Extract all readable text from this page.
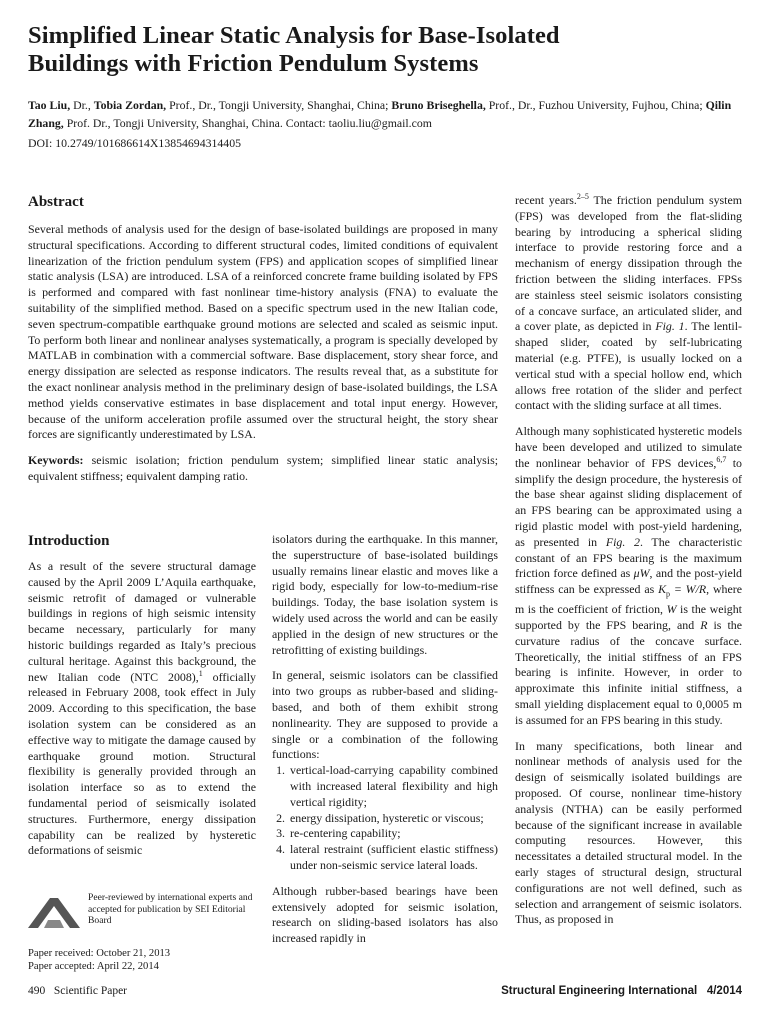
Simplified Linear Static Analysis for Base-Isolated
Buildings with Friction Pendulum Systems
Tao Liu, Dr., Tobia Zordan, Prof., Dr., Tongji University, Shanghai, China; Bruno Briseghella, Prof., Dr., Fuzhou University, Fujhou, China; Qilin Zhang, Prof. Dr., Tongji University, Shanghai, China. Contact: taoliu.liu@gmail.com
DOI: 10.2749/101686614X13854694314405
Abstract

Several methods of analysis used for the design of base-isolated buildings are proposed in many structural specifications. According to different structural codes, limited conditions of equivalent linearization of the friction pendulum system (FPS) and application scopes of simplified linear static analysis (LSA) are introduced. LSA of a reinforced concrete frame building isolated by FPS is performed and compared with fast nonlinear time-history analysis (FNA) to evaluate the suitability of the simplified method. Based on a specific spectrum used in the new Italian code, seven spectrum-compatible earthquake ground motions are selected and scaled as seismic input. To perform both linear and nonlinear analyses systematically, a program is specially developed by MATLAB in combination with a commercial software. Base displacement, story shear force, and energy dissipation are selected as response indicators. The results reveal that, as a substitute for the exact nonlinear analysis method in the preliminary design of base-isolated buildings, the LSA method yields conservative estimates in base displacement and total input energy. However, because of the uniform acceleration profile assumed over the structural height, the story shear forces are significantly underestimated by LSA.

Keywords: seismic isolation; friction pendulum system; simplified linear static analysis; equivalent stiffness; equivalent damping ratio.

Introduction

As a result of the severe structural damage caused by the April 2009 L’Aquila earthquake, seismic retrofit of damaged or vulnerable buildings in regions of high seismic intensity became necessary, particularly for many historic buildings regarded as Italy’s precious cultural heritage. Against this background, the new Italian code (NTC 2008),$^1$ officially released in February 2008, took effect in July 2009. According to this specification, the base isolation system can be considered as an effective way to mitigate the damage caused by earthquake ground motion. Structural flexibility is generally provided through an isolation interface so as to extend the fundamental period of seismically isolated structures. Furthermore, energy dissipation capability can be realized by hysteretic deformations of seismic

Peer-reviewed by international experts and accepted for publication by SEI Editorial Board
Paper received: October 21, 2013
Paper accepted: April 22, 2014

isolators during the earthquake. In this manner, the superstructure of base-isolated buildings usually remains linear elastic and moves like a rigid body, especially for low-to-medium-rise buildings. Today, the base isolation system is widely used across the world and can be easily applied in the design of new structures or the retrofitting of existing buildings.

In general, seismic isolators can be classified into two groups as rubber-based and sliding-based, and both of them exhibit strong nonlinearity. They are supposed to provide a single or a combination of the following functions:

1. vertical-load-carrying capability combined with increased lateral flexibility and high vertical rigidity;
2. energy dissipation, hysteretic or viscous;
3. re-centering capability;
4. lateral restraint (sufficient elastic stiffness) under non-seismic service lateral loads.

Although rubber-based bearings have been extensively adopted for seismic isolation, research on sliding-based isolators has also increased rapidly in

recent years.$^{2-5}$ The friction pendulum system (FPS) was developed from the flat-sliding bearing by introducing a spherical sliding interface to provide restoring force and a mechanism of energy dissipation through the friction between the sliding interfaces. FPSs are stainless steel seismic isolators consisting of a concave surface, an articulated slider, and a cover plate, as depicted in Fig. 1. The lentil-shaped slider, coated by self-lubricating material (e.g. PTFE), is usually locked on a vertical stud with a special hollow end, which allows free rotation of the slider and perfect contact with the sliding surface at all times.

Although many sophisticated hysteretic models have been developed and utilized to simulate the nonlinear behavior of FPS devices,$^{6,7}$ to simplify the design procedure, the hysteresis of the base shear against sliding displacement of an FPS bearing can be approximated using a rigid plastic model with post-yield hardening, as presented in Fig. 2. The characteristic constant of an FPS bearing is the maximum friction force defined as μW, and the post-yield stiffness can be expressed as $K_p = W/R$, where m is the coefficient of friction, W is the weight supported by the FPS bearing, and R is the curvature radius of the concave surface. Theoretically, the initial stiffness of an FPS bearing is infinite. However, in order to approximate this infinite initial stiffness, a small yielding displacement equal to 0,0005 m is assumed for an FPS bearing in this study.

In many specifications, both linear and nonlinear methods of analysis used for the design of seismically isolated buildings are proposed. Of course, nonlinear time-history analysis (NTHA) can be easily performed because of the significant increase in available computing resources. However, this necessitates a detailed structural model. In the early stages of structural design, structural configurations are not well defined, such as selection and arrangement of seismic isolators. Thus, as proposed in

490   Scientific Paper	Structural Engineering International   4/2014
